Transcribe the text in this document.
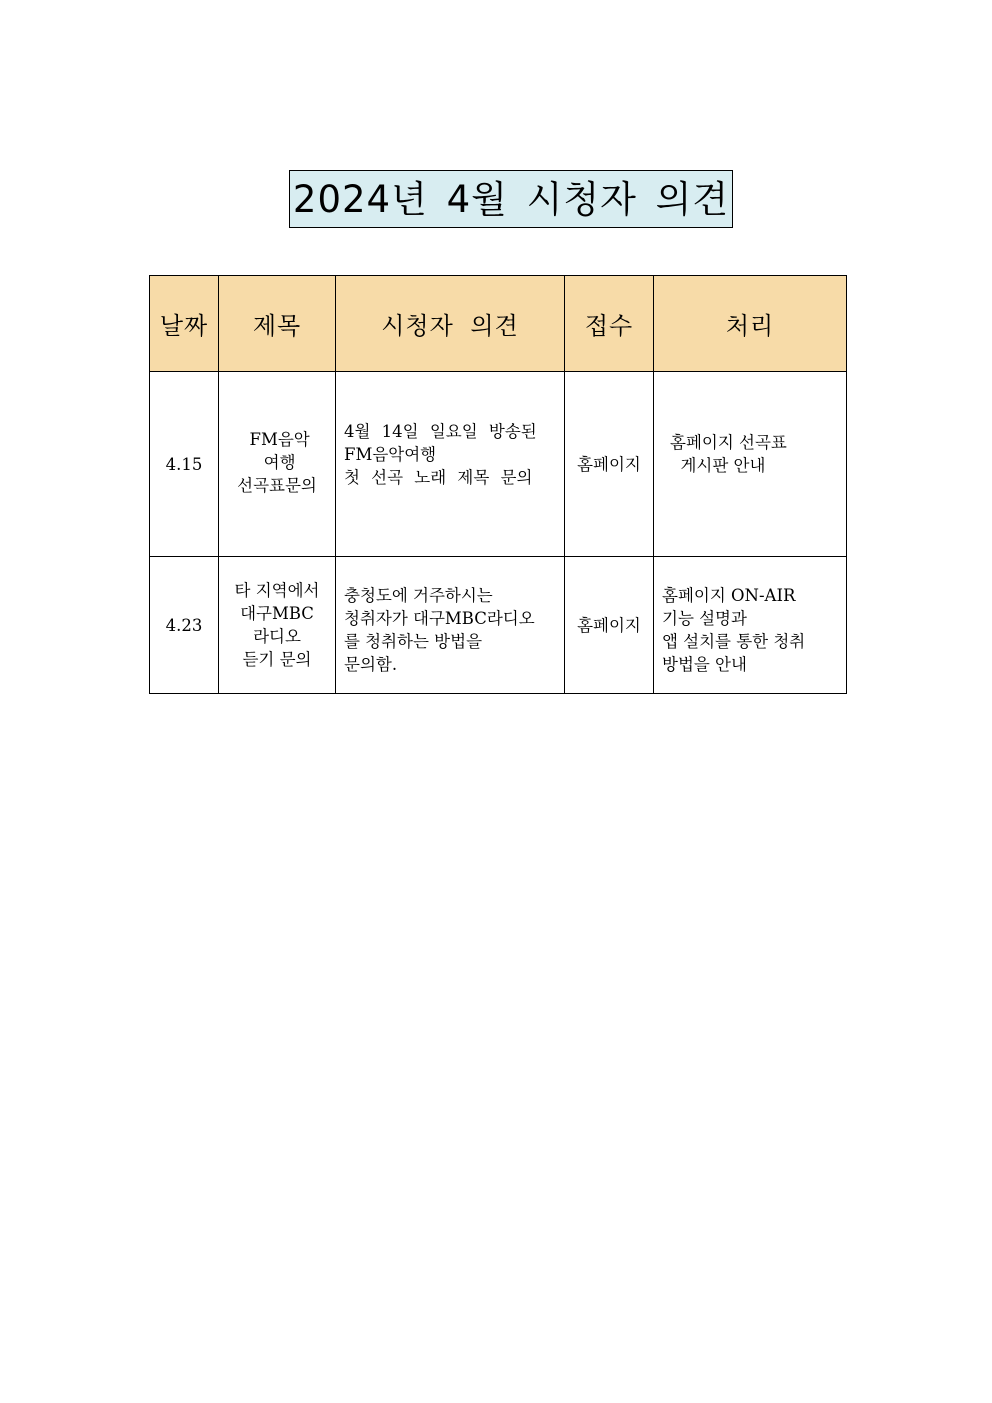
2024년 4월 시청자 의견
날짜	제목	시청자 의견	접수	처리
4.15	FM음악
여행
선곡표문의	4월 14일 일요일 방송된
FM음악여행
첫 선곡 노래 제목 문의	홈페이지	홈페이지 선곡표
게시판 안내

4.23	타 지역에서
대구MBC
라디오
듣기 문의	충청도에 거주하시는
청취자가 대구MBC라디오
를 청취하는 방법을
문의함.	홈페이지	홈페이지 ON-AIR
기능 설명과
앱 설치를 통한 청취
방법을 안내
